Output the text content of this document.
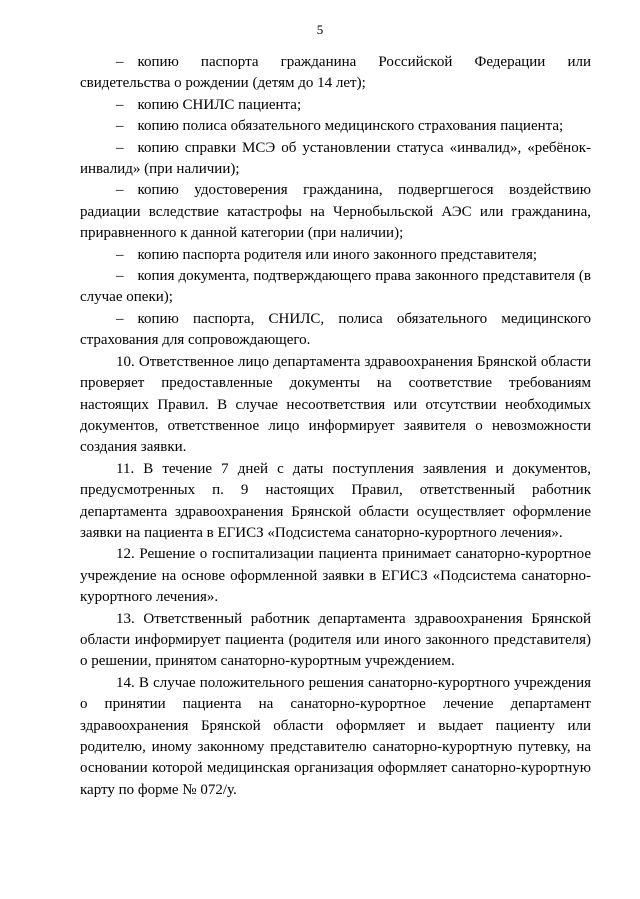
5

– копию паспорта гражданина Российской Федерации или свидетельства о рождении (детям до 14 лет);

– копию СНИЛС пациента;

– копию полиса обязательного медицинского страхования пациента;

– копию справки МСЭ об установлении статуса «инвалид», «ребёнок-инвалид» (при наличии);

– копию удостоверения гражданина, подвергшегося воздействию радиации вследствие катастрофы на Чернобыльской АЭС или гражданина, приравненного к данной категории (при наличии);

– копию паспорта родителя или иного законного представителя;

– копия документа, подтверждающего права законного представителя (в случае опеки);

– копию паспорта, СНИЛС, полиса обязательного медицинского страхования для сопровождающего.

10. Ответственное лицо департамента здравоохранения Брянской области проверяет предоставленные документы на соответствие требованиям настоящих Правил. В случае несоответствия или отсутствии необходимых документов, ответственное лицо информирует заявителя о невозможности создания заявки.

11. В течение 7 дней с даты поступления заявления и документов, предусмотренных п. 9 настоящих Правил, ответственный работник департамента здравоохранения Брянской области осуществляет оформление заявки на пациента в ЕГИСЗ «Подсистема санаторно-курортного лечения».

12. Решение о госпитализации пациента принимает санаторно-курортное учреждение на основе оформленной заявки в ЕГИСЗ «Подсистема санаторно-курортного лечения».

13. Ответственный работник департамента здравоохранения Брянской области информирует пациента (родителя или иного законного представителя) о решении, принятом санаторно-курортным учреждением.

14. В случае положительного решения санаторно-курортного учреждения о принятии пациента на санаторно-курортное лечение департамент здравоохранения Брянской области оформляет и выдает пациенту или родителю, иному законному представителю санаторно-курортную путевку, на основании которой медицинская организация оформляет санаторно-курортную карту по форме № 072/у.
